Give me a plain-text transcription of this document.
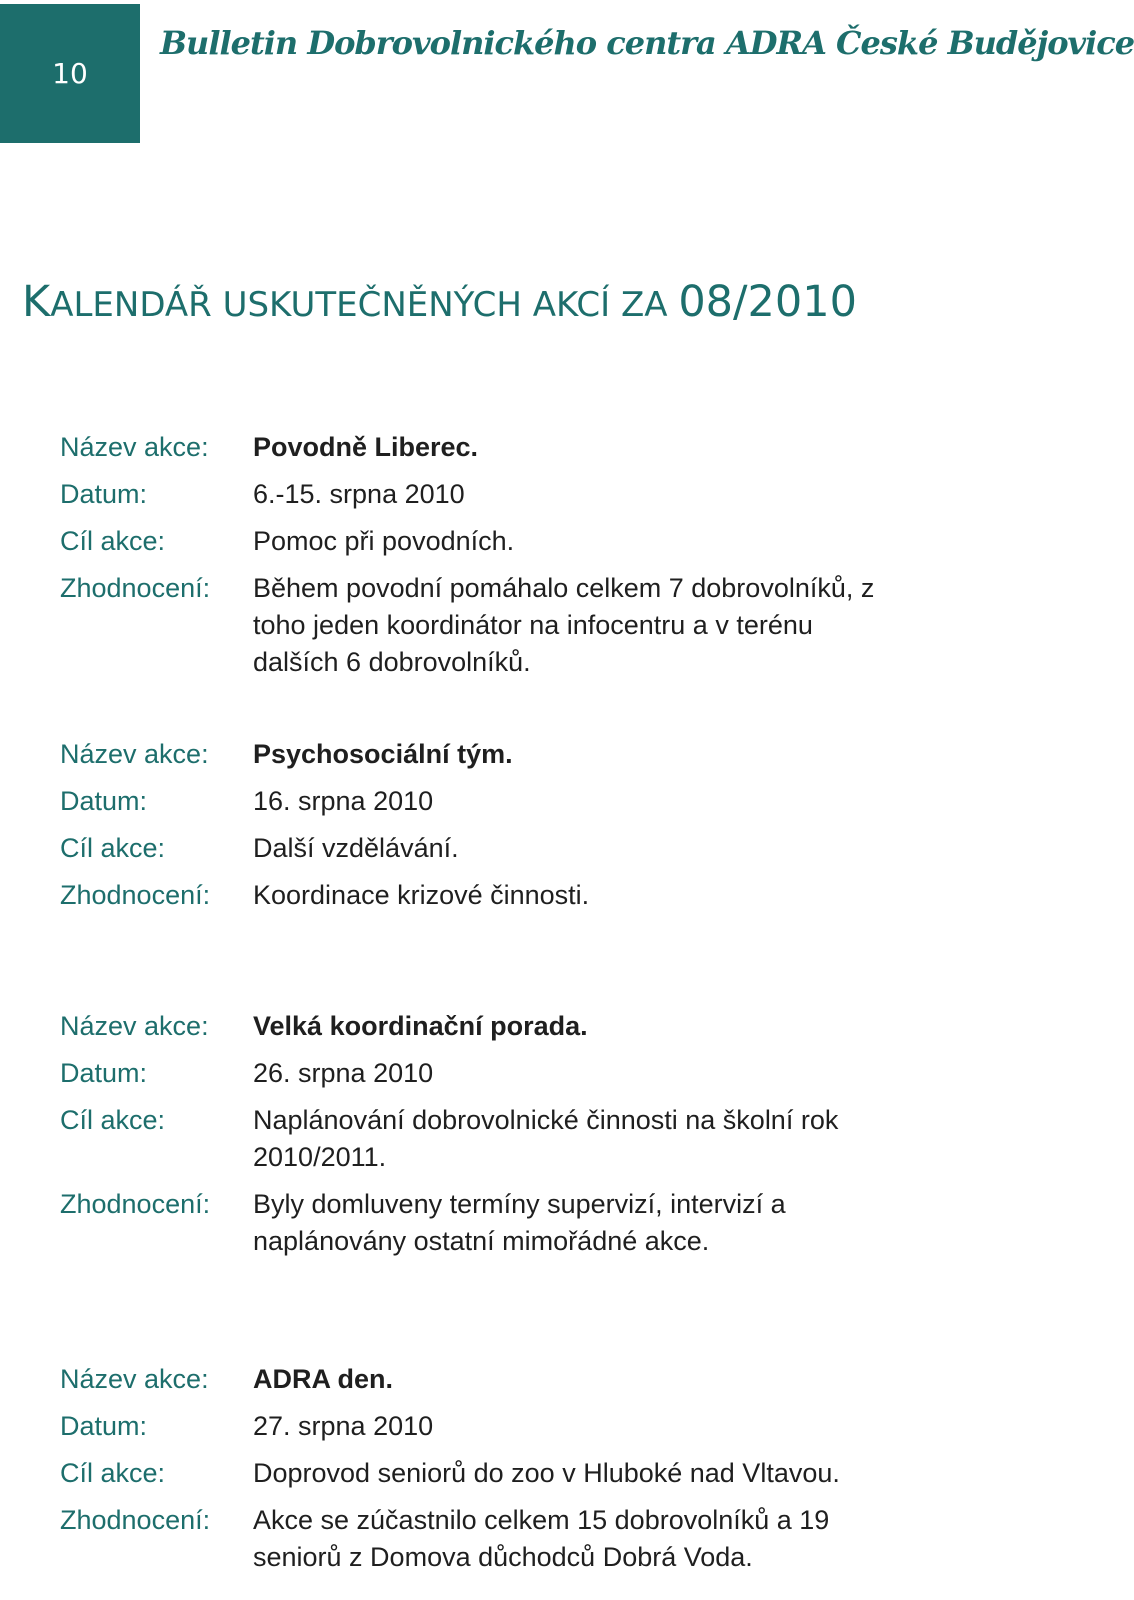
10
Bulletin Dobrovolnického centra ADRA České Budějovice
KALENDÁŘ USKUTEČNĚNÝCH AKCÍ ZA 08/2010
Název akce: Povodně Liberec.
Datum:	6.-15. srpna 2010
Cíl akce:	Pomoc při povodních.
Zhodnocení: Během povodní pomáhalo celkem 7 dobrovolníků, z toho jeden koordinátor na infocentru a v terénu dalších 6 dobrovolníků.
Název akce: Psychosociální tým.
Datum:	16. srpna 2010
Cíl akce:	Další vzdělávání.
Zhodnocení: Koordinace krizové činnosti.
Název akce: Velká koordinační porada.
Datum:	26. srpna 2010
Cíl akce:	Naplánování dobrovolnické činnosti na školní rok 2010/2011.
Zhodnocení: Byly domluveny termíny supervizí, intervizí a naplánovány ostatní mimořádné akce.
Název akce: ADRA den.
Datum:	27. srpna 2010
Cíl akce:	Doprovod seniorů do zoo v Hluboké nad Vltavou.
Zhodnocení: Akce se zúčastnilo celkem 15 dobrovolníků a 19 seniorů z Domova důchodců Dobrá Voda.
